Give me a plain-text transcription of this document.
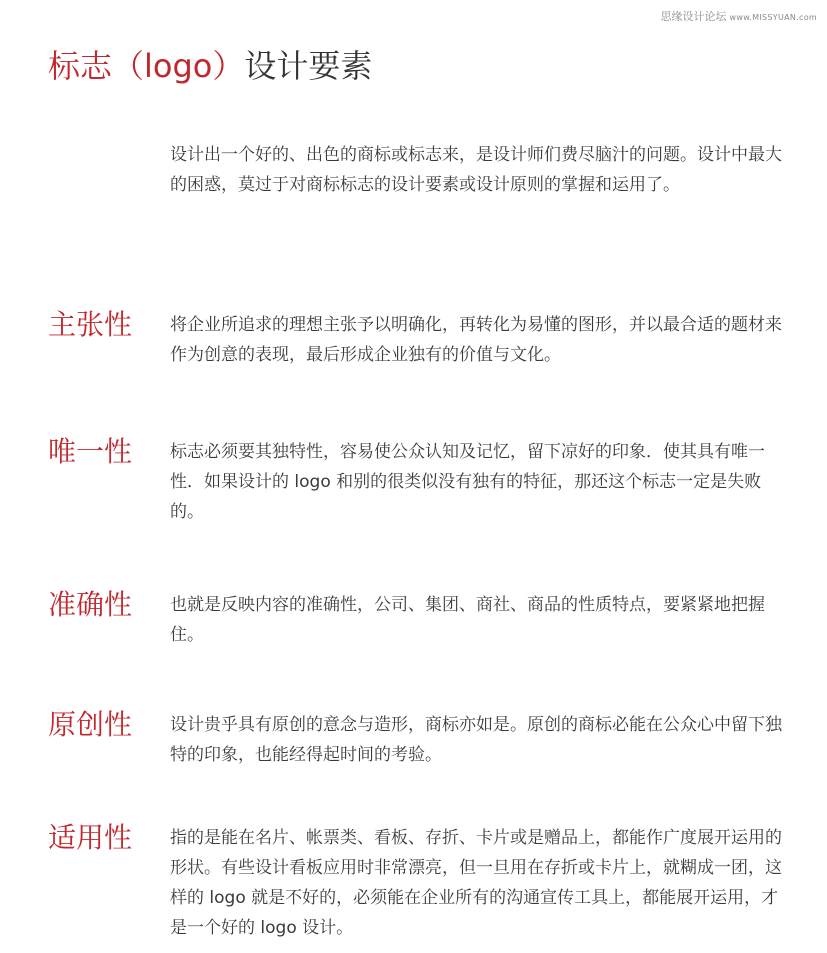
思缘设计论坛 www.MISSYUAN.com
标志（logo）设计要素

设计出一个好的、出色的商标或标志来，是设计师们费尽脑汁的问题。设计中最大的困惑，莫过于对商标标志的设计要素或设计原则的掌握和运用了。

主张性 将企业所追求的理想主张予以明确化，再转化为易懂的图形，并以最合适的题材来作为创意的表现，最后形成企业独有的价值与文化。

唯一性 标志必须要其独特性，容易使公众认知及记忆，留下凉好的印象．使其具有唯一性．如果设计的 logo 和别的很类似没有独有的特征，那还这个标志一定是失败的。

准确性 也就是反映内容的准确性，公司、集团、商社、商品的性质特点，要紧紧地把握住。

原创性 设计贵乎具有原创的意念与造形，商标亦如是。原创的商标必能在公众心中留下独特的印象，也能经得起时间的考验。

适用性 指的是能在名片、帐票类、看板、存折、卡片或是赠品上，都能作广度展开运用的形状。有些设计看板应用时非常漂亮，但一旦用在存折或卡片上，就糊成一团，这样的 logo 就是不好的，必须能在企业所有的沟通宣传工具上，都能展开运用，才是一个好的 logo 设计。
